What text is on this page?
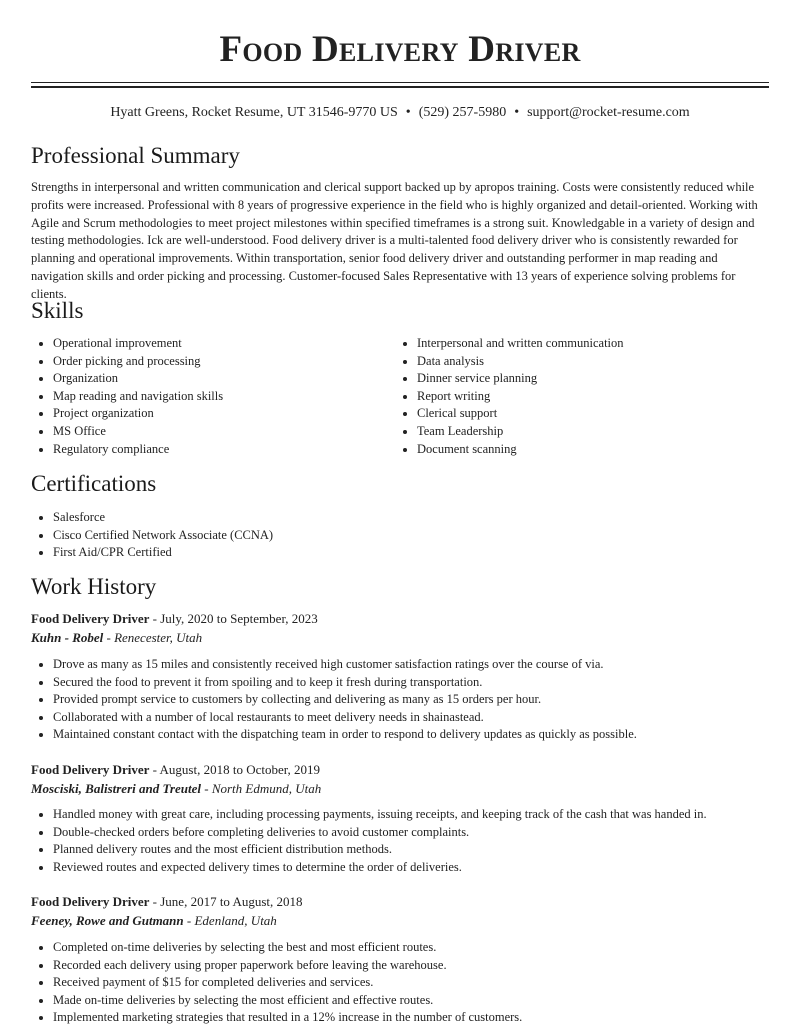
Food Delivery Driver
Hyatt Greens, Rocket Resume, UT 31546-9770 US • (529) 257-5980 • support@rocket-resume.com
Professional Summary
Strengths in interpersonal and written communication and clerical support backed up by apropos training. Costs were consistently reduced while profits were increased. Professional with 8 years of progressive experience in the field who is highly organized and detail-oriented. Working with Agile and Scrum methodologies to meet project milestones within specified timeframes is a strong suit. Knowledgable in a variety of design and testing methodologies. Ick are well-understood. Food delivery driver is a multi-talented food delivery driver who is consistently rewarded for planning and operational improvements. Within transportation, senior food delivery driver and outstanding performer in map reading and navigation skills and order picking and processing. Customer-focused Sales Representative with 13 years of experience solving problems for clients.
Skills
• Operational improvement
• Order picking and processing
• Organization
• Map reading and navigation skills
• Project organization
• MS Office
• Regulatory compliance
• Interpersonal and written communication
• Data analysis
• Dinner service planning
• Report writing
• Clerical support
• Team Leadership
• Document scanning
Certifications
• Salesforce
• Cisco Certified Network Associate (CCNA)
• First Aid/CPR Certified
Work History
Food Delivery Driver - July, 2020 to September, 2023
Kuhn - Robel - Renecester, Utah
• Drove as many as 15 miles and consistently received high customer satisfaction ratings over the course of via.
• Secured the food to prevent it from spoiling and to keep it fresh during transportation.
• Provided prompt service to customers by collecting and delivering as many as 15 orders per hour.
• Collaborated with a number of local restaurants to meet delivery needs in shainastead.
• Maintained constant contact with the dispatching team in order to respond to delivery updates as quickly as possible.
Food Delivery Driver - August, 2018 to October, 2019
Mosciski, Balistreri and Treutel - North Edmund, Utah
• Handled money with great care, including processing payments, issuing receipts, and keeping track of the cash that was handed in.
• Double-checked orders before completing deliveries to avoid customer complaints.
• Planned delivery routes and the most efficient distribution methods.
• Reviewed routes and expected delivery times to determine the order of deliveries.
Food Delivery Driver - June, 2017 to August, 2018
Feeney, Rowe and Gutmann - Edenland, Utah
• Completed on-time deliveries by selecting the best and most efficient routes.
• Recorded each delivery using proper paperwork before leaving the warehouse.
• Received payment of $15 for completed deliveries and services.
• Made on-time deliveries by selecting the most efficient and effective routes.
• Implemented marketing strategies that resulted in a 12% increase in the number of customers.
